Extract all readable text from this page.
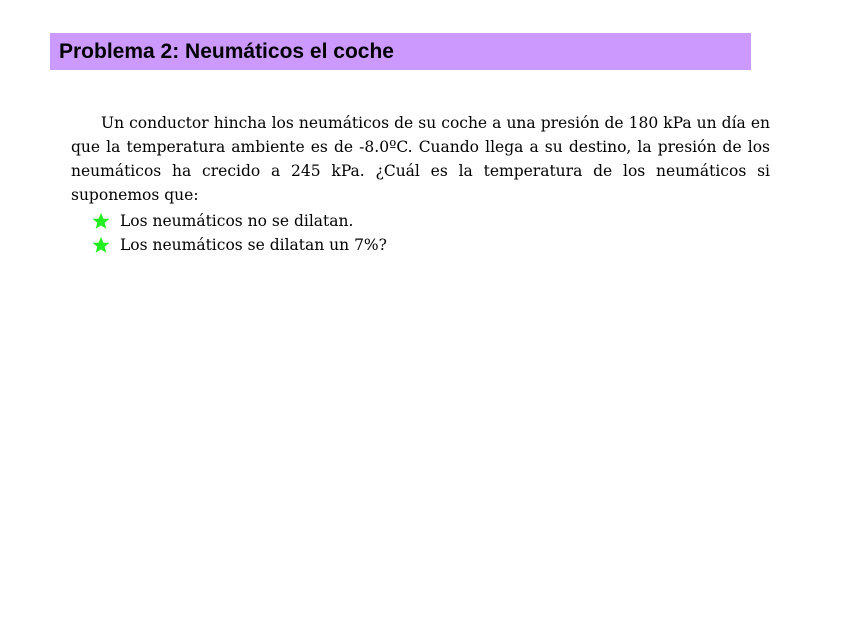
Problema 2: Neumáticos el coche

Un conductor hincha los neumáticos de su coche a una presión de 180 kPa un día en que la temperatura ambiente es de -8.0ºC. Cuando llega a su destino, la presión de los neumáticos ha crecido a 245 kPa. ¿Cuál es la temperatura de los neumáticos si suponemos que:

Los neumáticos no se dilatan.
Los neumáticos se dilatan un 7%?
